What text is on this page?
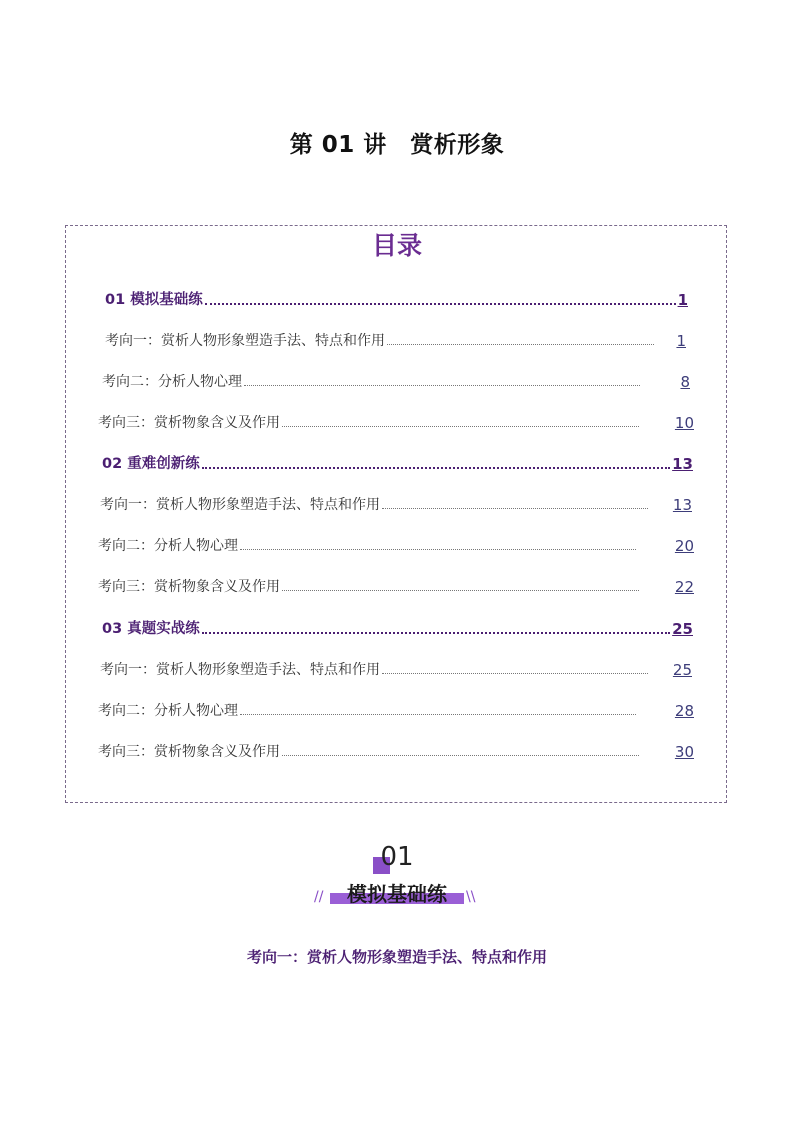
第 01 讲　赏析形象
目录
01 模拟基础练	1
考向一：赏析人物形象塑造手法、特点和作用	1
考向二：分析人物心理	8
考向三：赏析物象含义及作用	10
02 重难创新练	13
考向一：赏析人物形象塑造手法、特点和作用	13
考向二：分析人物心理	20
考向三：赏析物象含义及作用	22
03 真题实战练	25
考向一：赏析人物形象塑造手法、特点和作用	25
考向二：分析人物心理	28
考向三：赏析物象含义及作用	30
01
//	\\
模拟基础练
考向一：赏析人物形象塑造手法、特点和作用
